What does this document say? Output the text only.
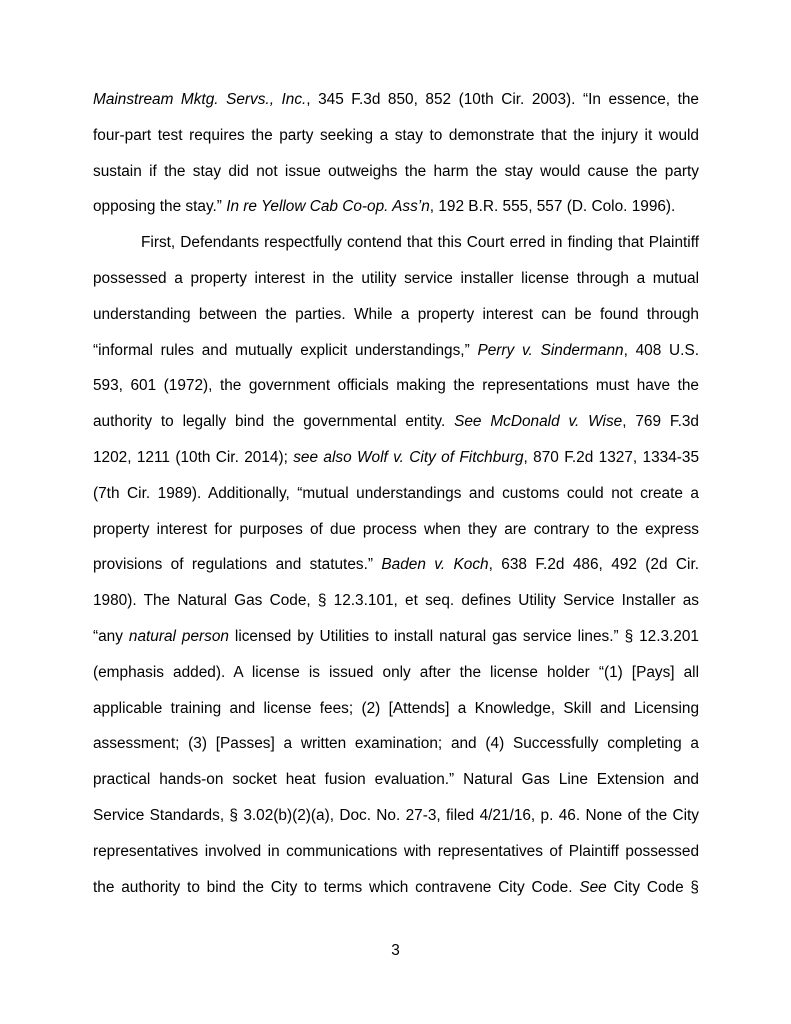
Mainstream Mktg. Servs., Inc., 345 F.3d 850, 852 (10th Cir. 2003). “In essence, the
four-part test requires the party seeking a stay to demonstrate that the injury it would
sustain if the stay did not issue outweighs the harm the stay would cause the party
opposing the stay.” In re Yellow Cab Co-op. Ass’n, 192 B.R. 555, 557 (D. Colo. 1996).
First, Defendants respectfully contend that this Court erred in finding that Plaintiff
possessed a property interest in the utility service installer license through a mutual
understanding between the parties. While a property interest can be found through
“informal rules and mutually explicit understandings,” Perry v. Sindermann, 408 U.S.
593, 601 (1972), the government officials making the representations must have the
authority to legally bind the governmental entity. See McDonald v. Wise, 769 F.3d
1202, 1211 (10th Cir. 2014); see also Wolf v. City of Fitchburg, 870 F.2d 1327, 1334-35
(7th Cir. 1989). Additionally, “mutual understandings and customs could not create a
property interest for purposes of due process when they are contrary to the express
provisions of regulations and statutes.” Baden v. Koch, 638 F.2d 486, 492 (2d Cir.
1980). The Natural Gas Code, § 12.3.101, et seq. defines Utility Service Installer as
“any natural person licensed by Utilities to install natural gas service lines.” § 12.3.201
(emphasis added). A license is issued only after the license holder “(1) [Pays] all
applicable training and license fees; (2) [Attends] a Knowledge, Skill and Licensing
assessment; (3) [Passes] a written examination; and (4) Successfully completing a
practical hands-on socket heat fusion evaluation.” Natural Gas Line Extension and
Service Standards, § 3.02(b)(2)(a), Doc. No. 27-3, filed 4/21/16, p. 46. None of the City
representatives involved in communications with representatives of Plaintiff possessed
the authority to bind the City to terms which contravene City Code. See City Code §
3
